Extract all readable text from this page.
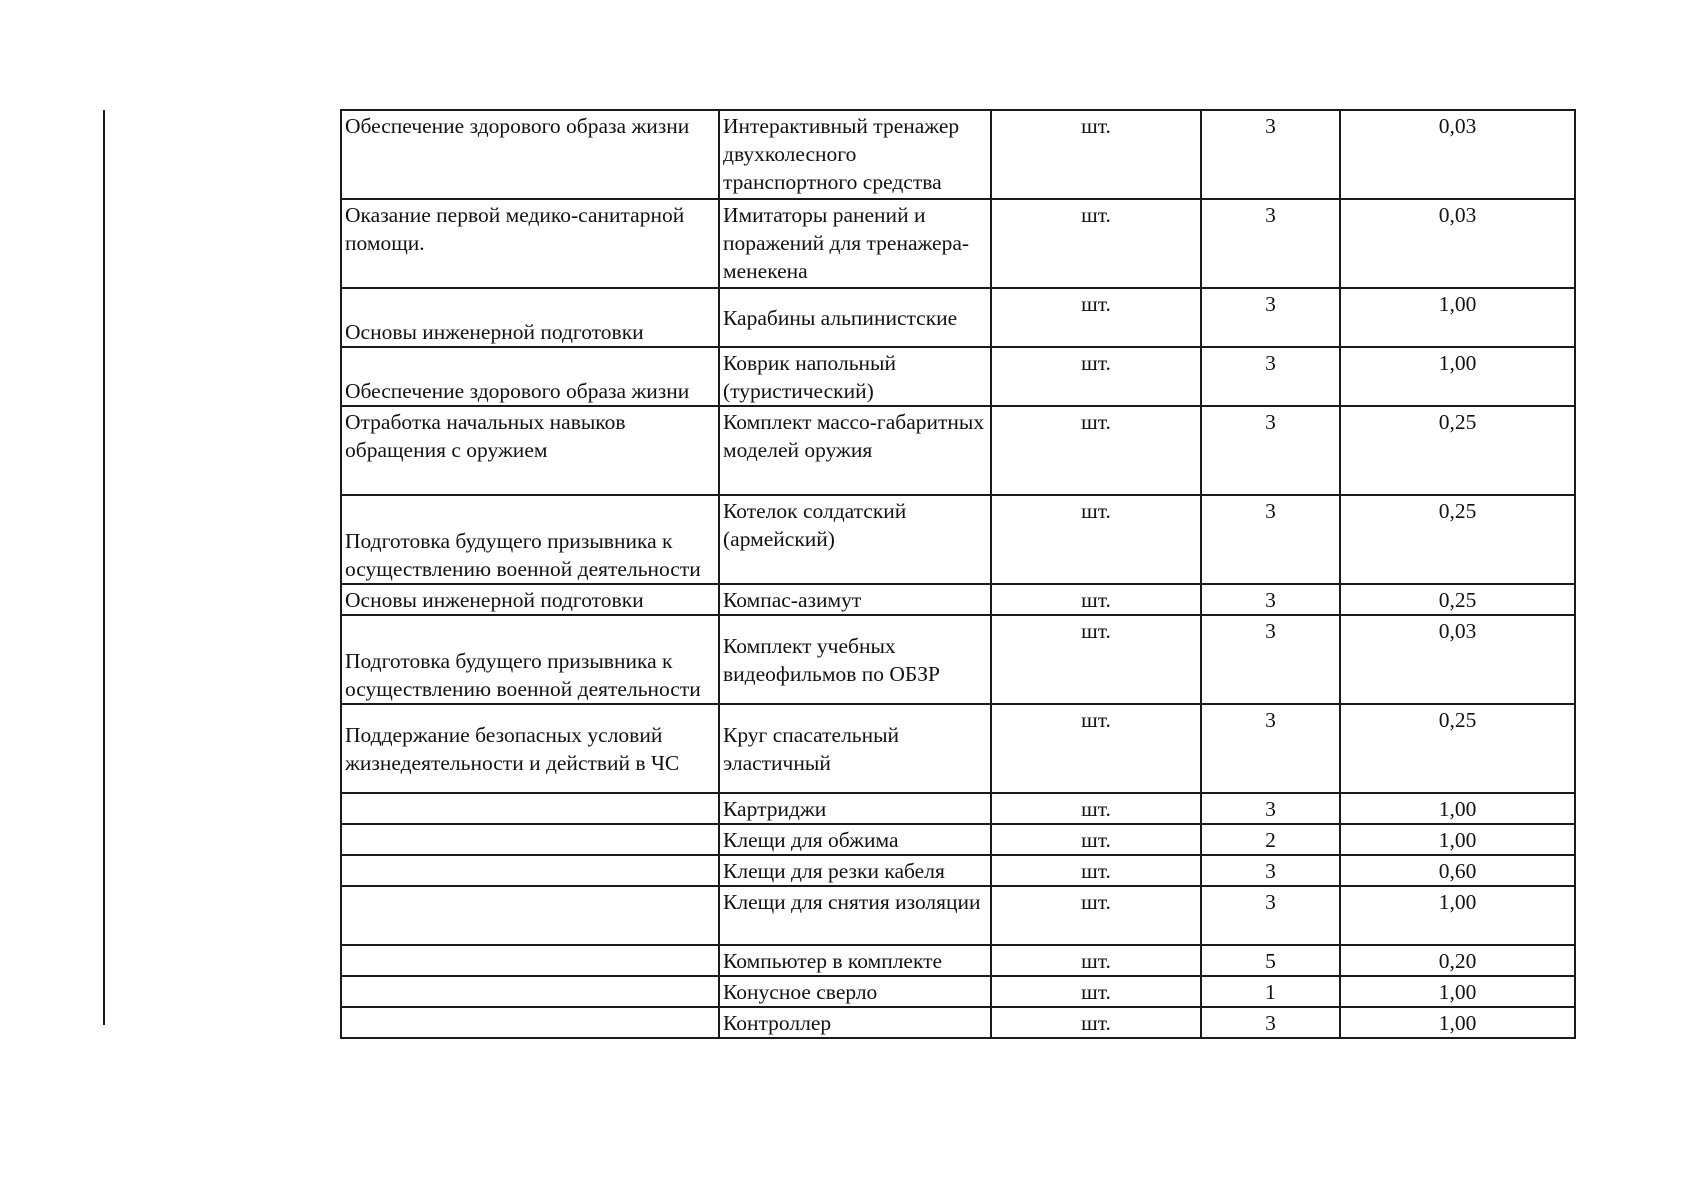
Обеспечение здорового образа жизни	Интерактивный тренажер двухколесного транспортного средства	шт.	3	0,03
Оказание первой медико-санитарной помощи.	Имитаторы ранений и поражений для тренажера-менекена	шт.	3	0,03
Основы инженерной подготовки	Карабины альпинистские	шт.	3	1,00
Обеспечение здорового образа жизни	Коврик напольный (туристический)	шт.	3	1,00
Отработка начальных навыков обращения с оружием	Комплект массо-габаритных моделей оружия	шт.	3	0,25
Подготовка будущего призывника к осуществлению военной деятельности	Котелок солдатский (армейский)	шт.	3	0,25
Основы инженерной подготовки	Компас-азимут	шт.	3	0,25
Подготовка будущего призывника к осуществлению военной деятельности	Комплект учебных видеофильмов по ОБЗР	шт.	3	0,03
Поддержание безопасных условий жизнедеятельности и действий в ЧС	Круг спасательный эластичный	шт.	3	0,25
	Картриджи	шт.	3	1,00
	Клещи для обжима	шт.	2	1,00
	Клещи для резки кабеля	шт.	3	0,60
	Клещи для снятия изоляции	шт.	3	1,00
	Компьютер в комплекте	шт.	5	0,20
	Конусное сверло	шт.	1	1,00
	Контроллер	шт.	3	1,00
